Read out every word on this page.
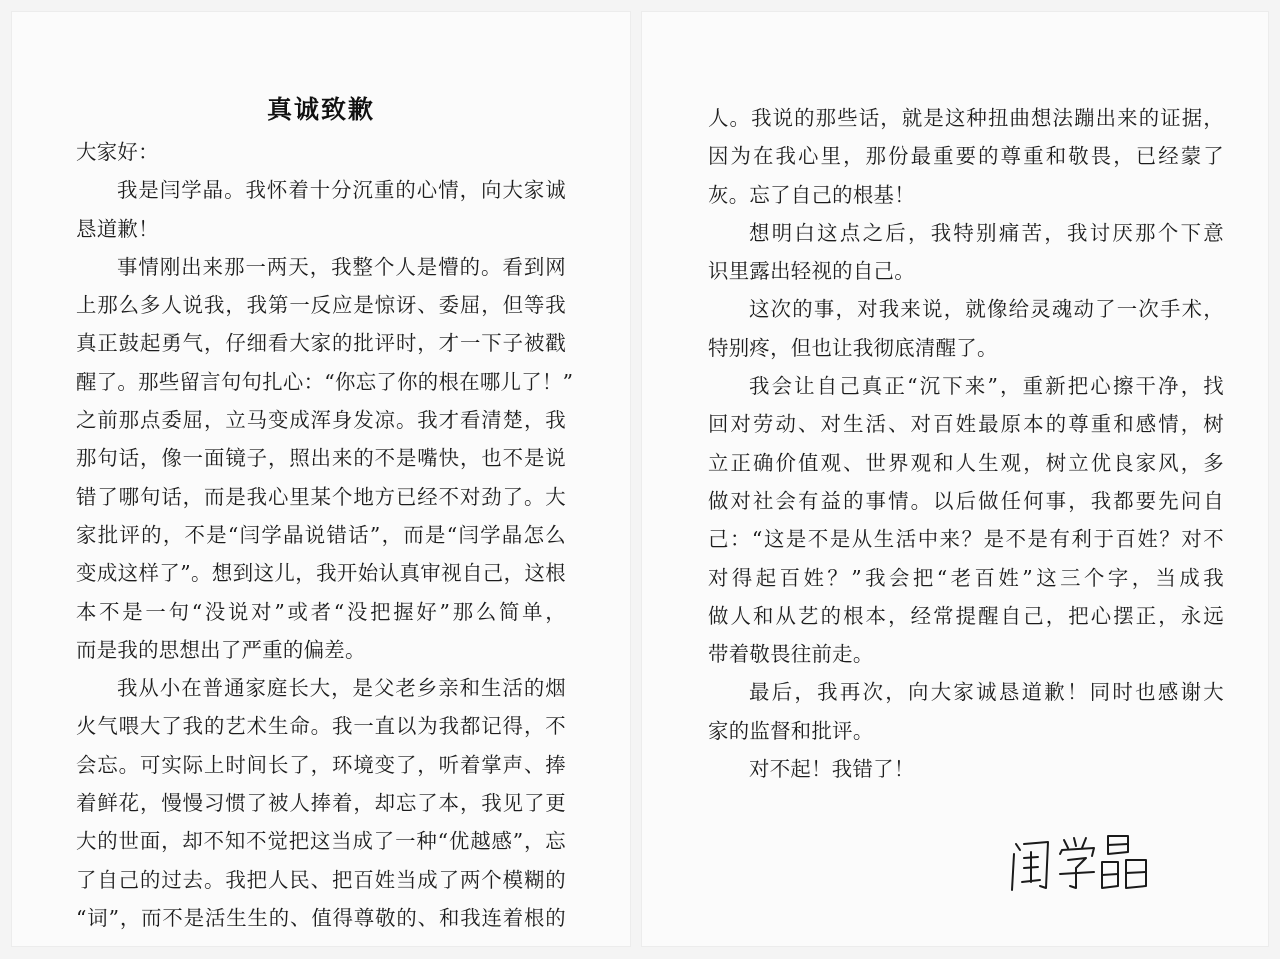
真诚致歉
大家好：
我是闫学晶。我怀着十分沉重的心情，向大家诚
恳道歉！
事情刚出来那一两天，我整个人是懵的。看到网
上那么多人说我，我第一反应是惊讶、委屈，但等我
真正鼓起勇气，仔细看大家的批评时，才一下子被戳
醒了。那些留言句句扎心：“你忘了你的根在哪儿了！”
之前那点委屈，立马变成浑身发凉。我才看清楚，我
那句话，像一面镜子，照出来的不是嘴快，也不是说
错了哪句话，而是我心里某个地方已经不对劲了。大
家批评的，不是“闫学晶说错话”，而是“闫学晶怎么
变成这样了”。想到这儿，我开始认真审视自己，这根
本不是一句“没说对”或者“没把握好”那么简单，
而是我的思想出了严重的偏差。
我从小在普通家庭长大，是父老乡亲和生活的烟
火气喂大了我的艺术生命。我一直以为我都记得，不
会忘。可实际上时间长了，环境变了，听着掌声、捧
着鲜花，慢慢习惯了被人捧着，却忘了本，我见了更
大的世面，却不知不觉把这当成了一种“优越感”，忘
了自己的过去。我把人民、把百姓当成了两个模糊的
“词”，而不是活生生的、值得尊敬的、和我连着根的
人。我说的那些话，就是这种扭曲想法蹦出来的证据，
因为在我心里，那份最重要的尊重和敬畏，已经蒙了
灰。忘了自己的根基！
想明白这点之后，我特别痛苦，我讨厌那个下意
识里露出轻视的自己。
这次的事，对我来说，就像给灵魂动了一次手术，
特别疼，但也让我彻底清醒了。
我会让自己真正“沉下来”，重新把心擦干净，找
回对劳动、对生活、对百姓最原本的尊重和感情，树
立正确价值观、世界观和人生观，树立优良家风，多
做对社会有益的事情。以后做任何事，我都要先问自
己：“这是不是从生活中来？是不是有利于百姓？对不
对得起百姓？”我会把“老百姓”这三个字，当成我
做人和从艺的根本，经常提醒自己，把心摆正，永远
带着敬畏往前走。
最后，我再次，向大家诚恳道歉！同时也感谢大
家的监督和批评。
对不起！我错了！
